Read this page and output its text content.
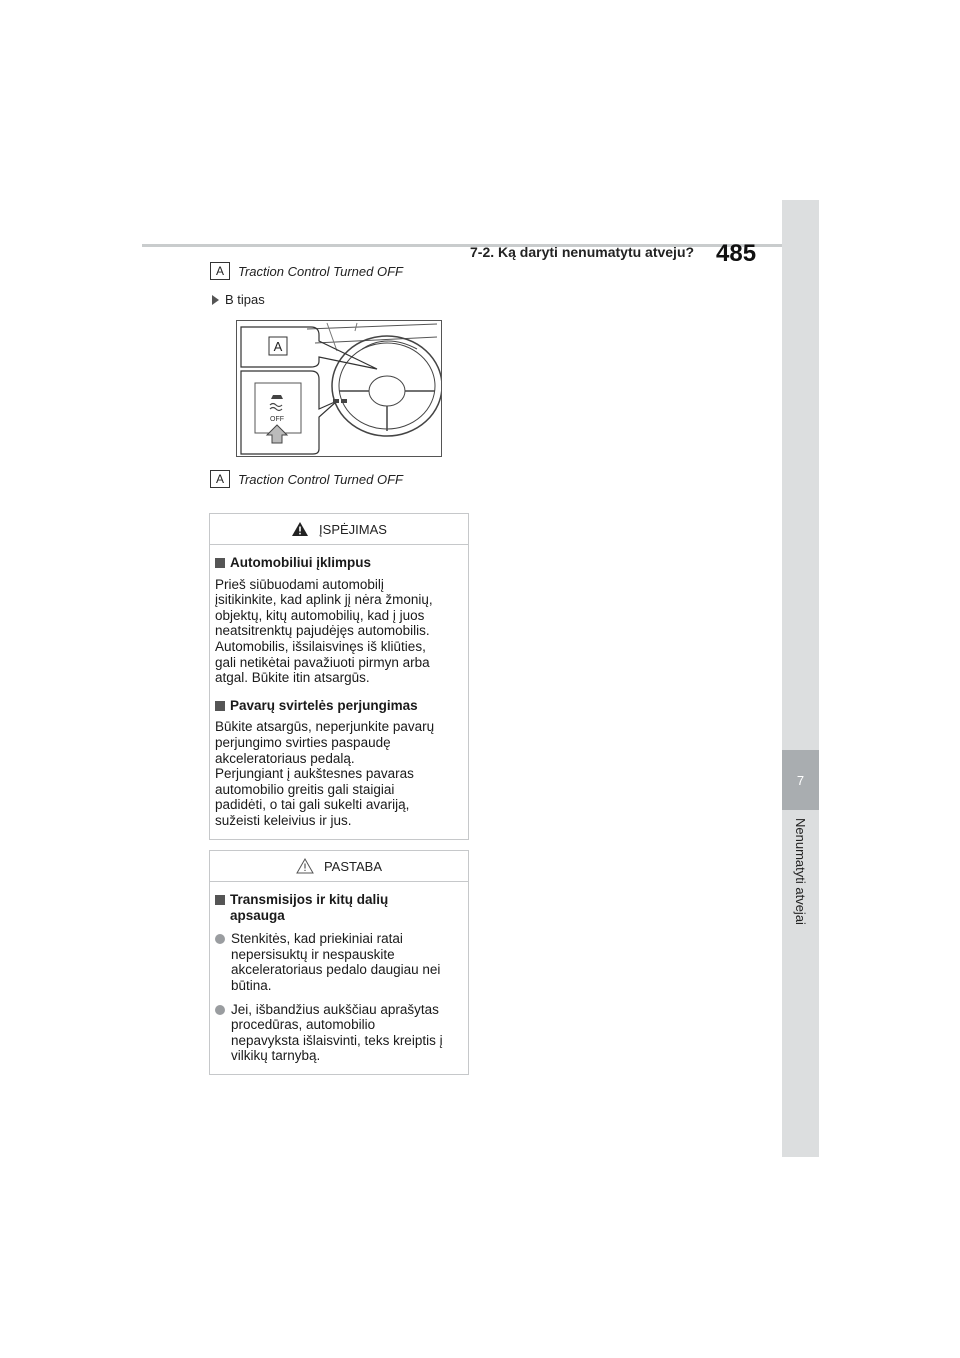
7
Nenumatyti atvejai
7-2. Ką daryti nenumatytu atveju? 485
A	Traction Control Turned OFF
B tipas
A
OFF
A	Traction Control Turned OFF
ĮSPĖJIMAS
Automobiliui įklimpus
Prieš siūbuodami automobilį
įsitikinkite, kad aplink jį nėra žmonių,
objektų, kitų automobilių, kad į juos
neatsitrenktų pajudėjęs automobilis.
Automobilis, išsilaisvinęs iš kliūties,
gali netikėtai pavažiuoti pirmyn arba
atgal. Būkite itin atsargūs.
Pavarų svirtelės perjungimas
Būkite atsargūs, neperjunkite pavarų
perjungimo svirties paspaudę
akceleratoriaus pedalą.
Perjungiant į aukštesnes pavaras
automobilio greitis gali staigiai
padidėti, o tai gali sukelti avariją,
sužeisti keleivius ir jus.
PASTABA
Transmisijos ir kitų dalių
apsauga
Stenkitės, kad priekiniai ratai
nepersisuktų ir nespauskite
akceleratoriaus pedalo daugiau nei
būtina.
Jei, išbandžius aukščiau aprašytas
procedūras, automobilio
nepavyksta išlaisvinti, teks kreiptis į
vilkikų tarnybą.
